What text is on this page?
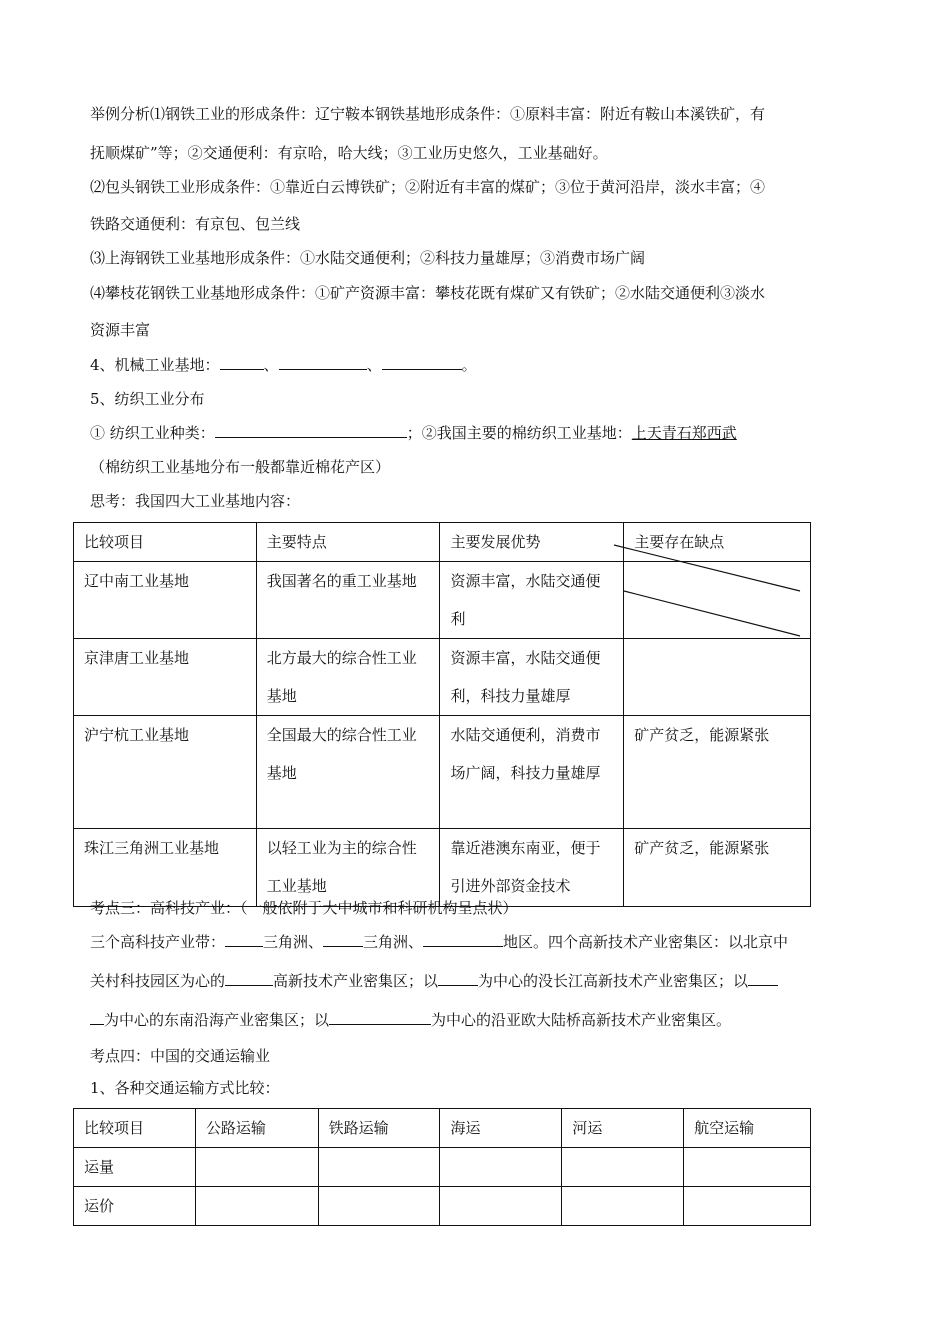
举例分析⑴钢铁工业的形成条件：辽宁鞍本钢铁基地形成条件：①原料丰富：附近有鞍山本溪铁矿，有
抚顺煤矿”等；②交通便利：有京哈，哈大线；③工业历史悠久，工业基础好。
⑵包头钢铁工业形成条件：①靠近白云博铁矿；②附近有丰富的煤矿；③位于黄河沿岸，淡水丰富；④
铁路交通便利：有京包、包兰线
⑶上海钢铁工业基地形成条件：①水陆交通便利；②科技力量雄厚；③消费市场广阔
⑷攀枝花钢铁工业基地形成条件：①矿产资源丰富：攀枝花既有煤矿又有铁矿；②水陆交通便利③淡水
资源丰富
4、机械工业基地：	、	、	。
5、纺织工业分布
① 纺织工业种类：	；②我国主要的棉纺织工业基地：上天青石郑西武
（棉纺织工业基地分布一般都靠近棉花产区）
思考：我国四大工业基地内容：
比较项目	主要特点	主要发展优势	主要存在缺点
辽中南工业基地	我国著名的重工业基地	资源丰富，水陆交通便利	
京津唐工业基地	北方最大的综合性工业基地	资源丰富，水陆交通便利，科技力量雄厚	
沪宁杭工业基地	全国最大的综合性工业基地	水陆交通便利，消费市场广阔，科技力量雄厚	矿产贫乏，能源紧张
珠江三角洲工业基地	以轻工业为主的综合性工业基地	靠近港澳东南亚，便于引进外部资金技术	矿产贫乏，能源紧张
考点三：高科技产业：（一般依附于大中城市和科研机构呈点状）
三个高科技产业带：	三角洲、	三角洲、	地区。四个高新技术产业密集区：以北京中
关村科技园区为心的	高新技术产业密集区；以	为中心的没长江高新技术产业密集区；以
为中心的东南沿海产业密集区；以	为中心的沿亚欧大陆桥高新技术产业密集区。
考点四：中国的交通运输业
1、各种交通运输方式比较：
比较项目	公路运输	铁路运输	海运	河运	航空运输
运量					
运价					
